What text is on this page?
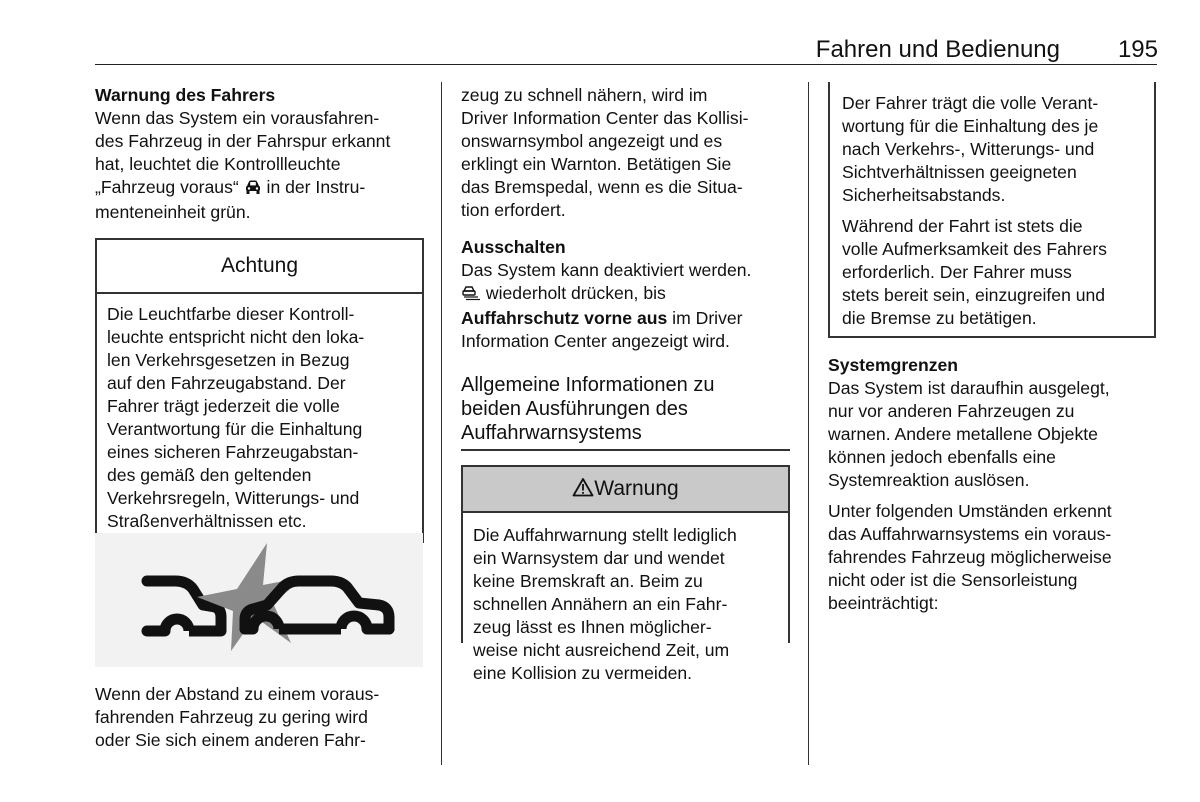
Fahren und Bedienung	195
Warnung des Fahrers

Wenn das System ein vorausfahren-

des Fahrzeug in der Fahrspur erkannt

hat, leuchtet die Kontrollleuchte

„Fahrzeug voraus“  in der Instru-

menteneinheit grün.

Achtung

Die Leuchtfarbe dieser Kontroll-

leuchte entspricht nicht den loka-

len Verkehrsgesetzen in Bezug

auf den Fahrzeugabstand. Der

Fahrer trägt jederzeit die volle

Verantwortung für die Einhaltung

eines sicheren Fahrzeugabstan-

des gemäß den geltenden

Verkehrsregeln, Witterungs- und

Straßenverhältnissen etc.

Wenn der Abstand zu einem voraus-

fahrenden Fahrzeug zu gering wird

oder Sie sich einem anderen Fahr-

zeug zu schnell nähern, wird im

Driver Information Center das Kollisi-

onswarnsymbol angezeigt und es

erklingt ein Warnton. Betätigen Sie

das Bremspedal, wenn es die Situa-

tion erfordert.

Ausschalten

Das System kann deaktiviert werden.

wiederholt drücken, bis

Auffahrschutz vorne aus im Driver

Information Center angezeigt wird.

Allgemeine Informationen zu
beiden Ausführungen des
Auffahrwarnsystems
Warnung

Die Auffahrwarnung stellt lediglich

ein Warnsystem dar und wendet

keine Bremskraft an. Beim zu

schnellen Annähern an ein Fahr-

zeug lässt es Ihnen möglicher-

weise nicht ausreichend Zeit, um

eine Kollision zu vermeiden.

Der Fahrer trägt die volle Verant-

wortung für die Einhaltung des je

nach Verkehrs-, Witterungs- und

Sichtverhältnissen geeigneten

Sicherheitsabstands.

Während der Fahrt ist stets die

volle Aufmerksamkeit des Fahrers

erforderlich. Der Fahrer muss

stets bereit sein, einzugreifen und

die Bremse zu betätigen.

Systemgrenzen

Das System ist daraufhin ausgelegt,

nur vor anderen Fahrzeugen zu

warnen. Andere metallene Objekte

können jedoch ebenfalls eine

Systemreaktion auslösen.

Unter folgenden Umständen erkennt

das Auffahrwarnsystems ein voraus-

fahrendes Fahrzeug möglicherweise

nicht oder ist die Sensorleistung

beeinträchtigt:
